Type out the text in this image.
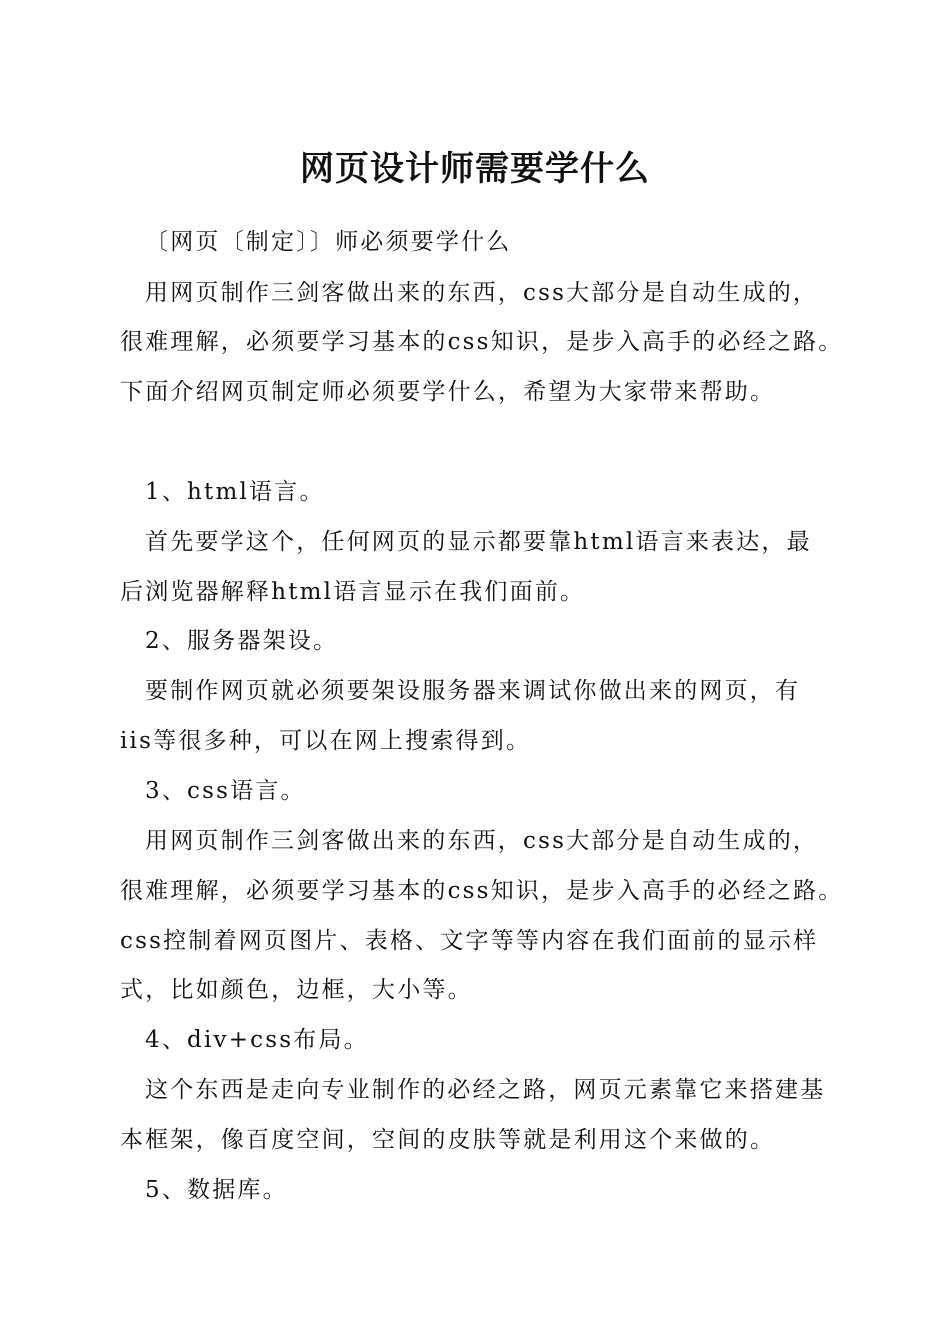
网页设计师需要学什么
〔网页〔制定〕〕师必须要学什么
用网页制作三剑客做出来的东西，css大部分是自动生成的，
很难理解，必须要学习基本的css知识，是步入高手的必经之路。
下面介绍网页制定师必须要学什么，希望为大家带来帮助。
1、html语言。
首先要学这个，任何网页的显示都要靠html语言来表达，最
后浏览器解释html语言显示在我们面前。
2、服务器架设。
要制作网页就必须要架设服务器来调试你做出来的网页，有
iis等很多种，可以在网上搜索得到。
3、css语言。
用网页制作三剑客做出来的东西，css大部分是自动生成的，
很难理解，必须要学习基本的css知识，是步入高手的必经之路。
css控制着网页图片、表格、文字等等内容在我们面前的显示样
式，比如颜色，边框，大小等。
4、div+css布局。
这个东西是走向专业制作的必经之路，网页元素靠它来搭建基
本框架，像百度空间，空间的皮肤等就是利用这个来做的。
5、数据库。
